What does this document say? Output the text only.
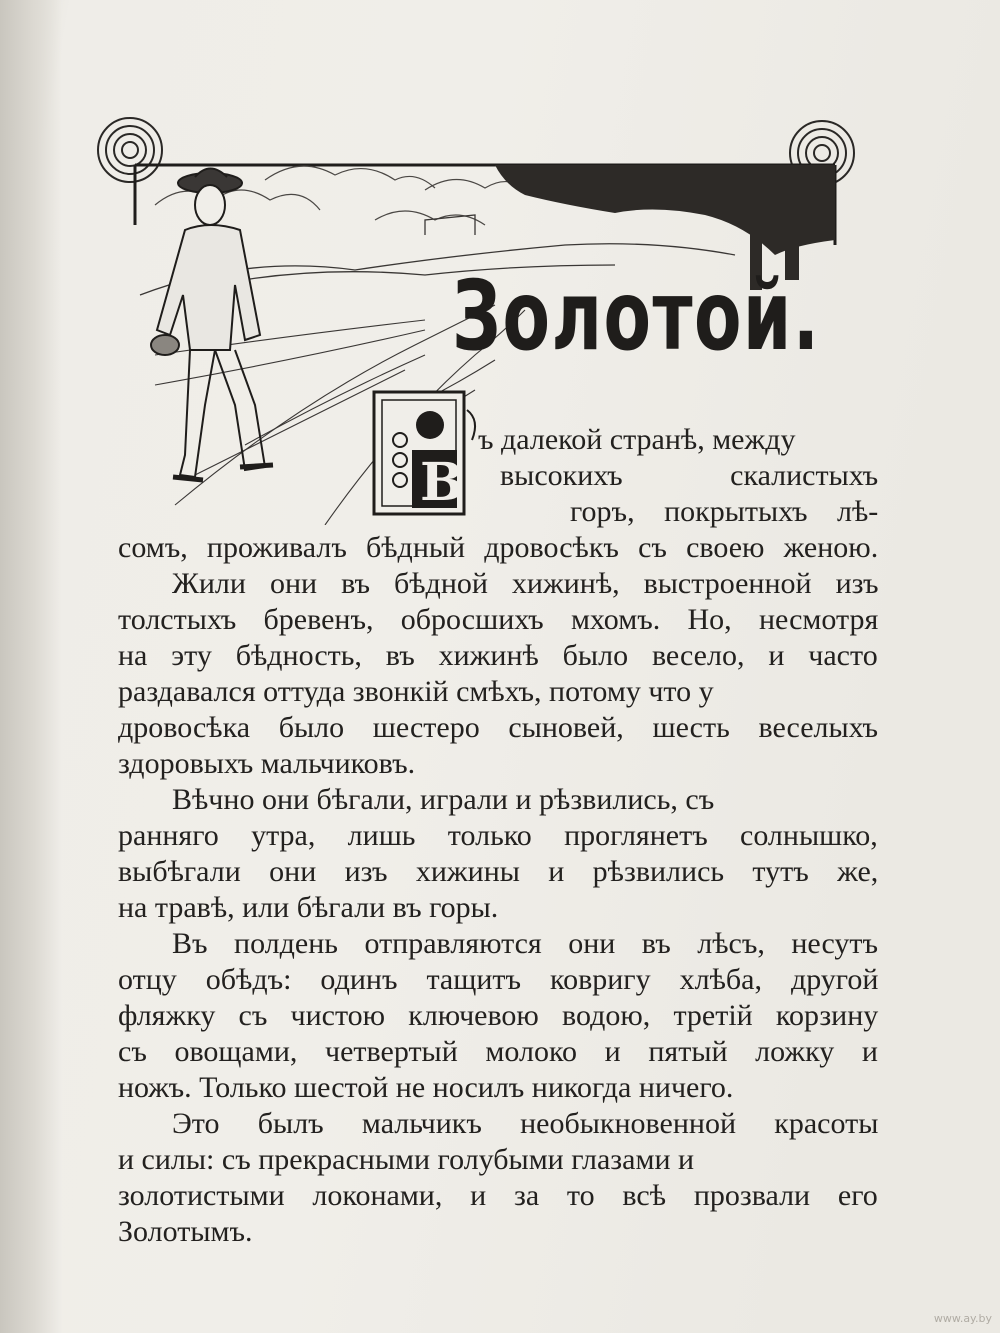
Золотой.
В
ъ далекой странѣ, между
высокихъ скалистыхъ
горъ, покрытыхъ лѣ-
сомъ, проживалъ бѣдный дровосѣкъ съ своею женою.
Жили они въ бѣдной хижинѣ, выстроенной изъ
толстыхъ бревенъ, обросшихъ мхомъ. Но, несмотря
на эту бѣдность, въ хижинѣ было весело, и часто
раздавался оттуда звонкій смѣхъ, потому что у
дровосѣка было шестеро сыновей, шесть веселыхъ
здоровыхъ мальчиковъ.
Вѣчно они бѣгали, играли и рѣзвились, съ
ранняго утра, лишь только проглянетъ солнышко,
выбѣгали они изъ хижины и рѣзвились тутъ же,
на травѣ, или бѣгали въ горы.
Въ полдень отправляются они въ лѣсъ, несутъ
отцу обѣдъ: одинъ тащитъ ковригу хлѣба, другой
фляжку съ чистою ключевою водою, третій корзину
съ овощами, четвертый молоко и пятый ложку и
ножъ. Только шестой не носилъ никогда ничего.
Это былъ мальчикъ необыкновенной красоты
и силы: съ прекрасными голубыми глазами и
золотистыми локонами, и за то всѣ прозвали его
Золотымъ.
www.ay.by
